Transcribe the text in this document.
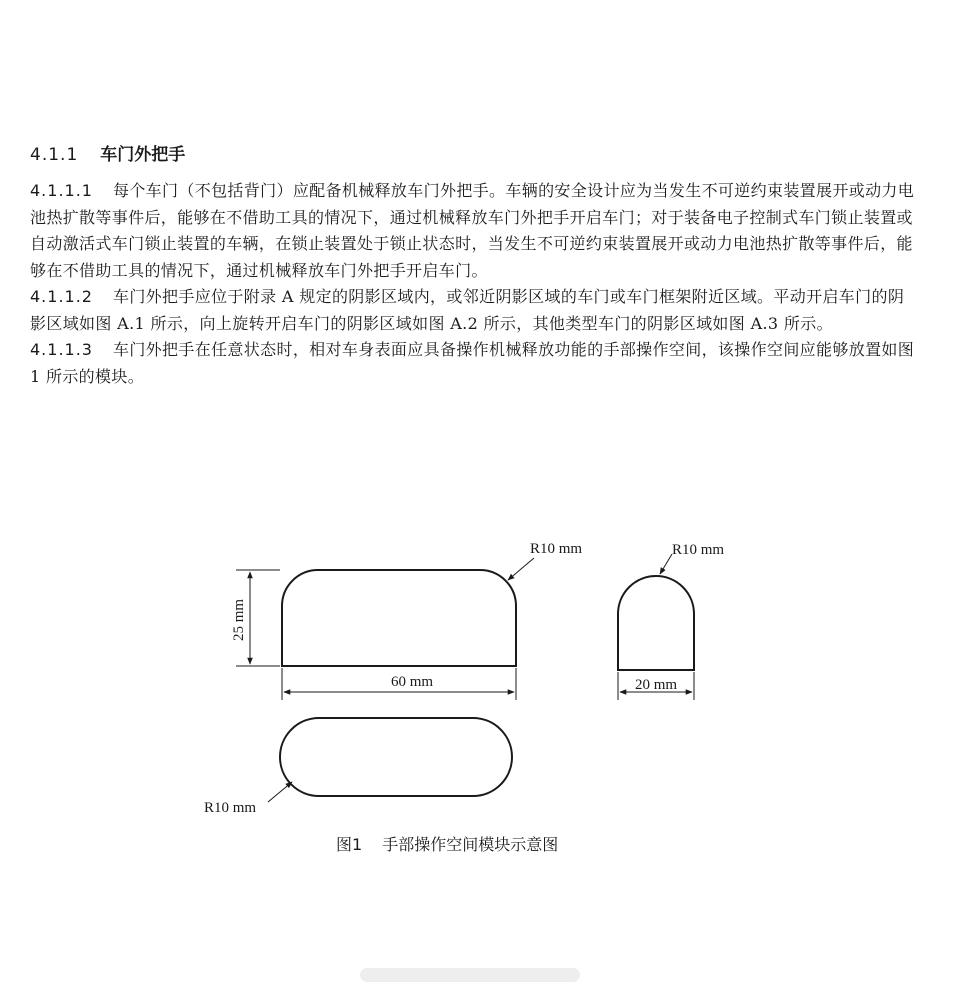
4.1.1 车门外把手

4.1.1.1 每个车门（不包括背门）应配备机械释放车门外把手。车辆的安全设计应为当发生不可逆约束装置展开或动力电池热扩散等事件后，能够在不借助工具的情况下，通过机械释放车门外把手开启车门；对于装备电子控制式车门锁止装置或自动激活式车门锁止装置的车辆，在锁止装置处于锁止状态时，当发生不可逆约束装置展开或动力电池热扩散等事件后，能够在不借助工具的情况下，通过机械释放车门外把手开启车门。

4.1.1.2 车门外把手应位于附录 A 规定的阴影区域内，或邻近阴影区域的车门或车门框架附近区域。平动开启车门的阴影区域如图 A.1 所示，向上旋转开启车门的阴影区域如图 A.2 所示，其他类型车门的阴影区域如图 A.3 所示。

4.1.1.3 车门外把手在任意状态时，相对车身表面应具备操作机械释放功能的手部操作空间，该操作空间应能够放置如图 1 所示的模块。

25 mm
60 mm
R10 mm
20 mm
R10 mm
R10 mm
图1 手部操作空间模块示意图
